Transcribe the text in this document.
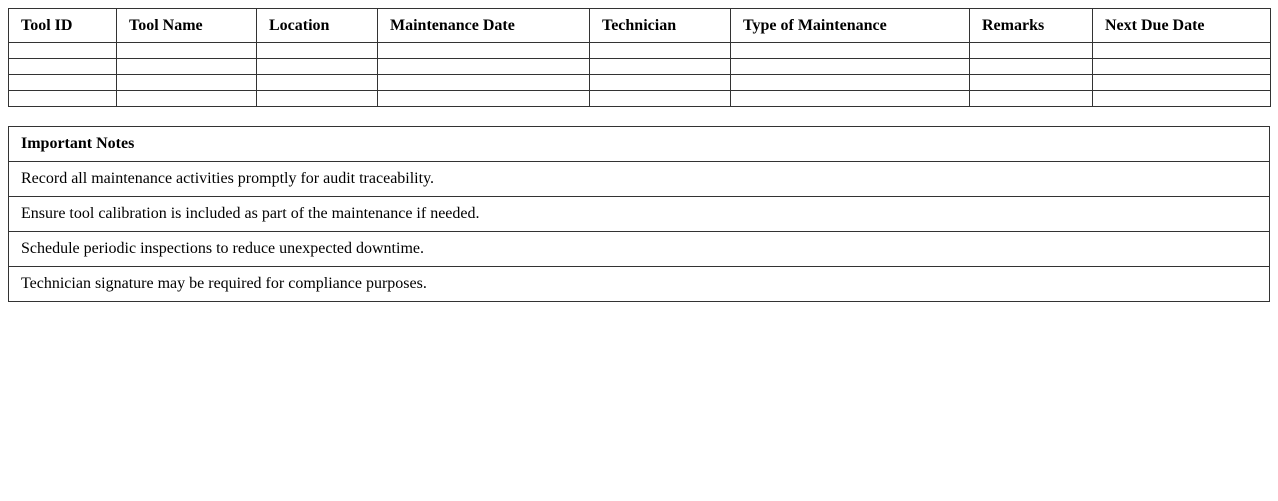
Tool ID	Tool Name	Location	Maintenance Date	Technician	Type of Maintenance	Remarks	Next Due Date

Important Notes
Record all maintenance activities promptly for audit traceability.
Ensure tool calibration is included as part of the maintenance if needed.
Schedule periodic inspections to reduce unexpected downtime.
Technician signature may be required for compliance purposes.
